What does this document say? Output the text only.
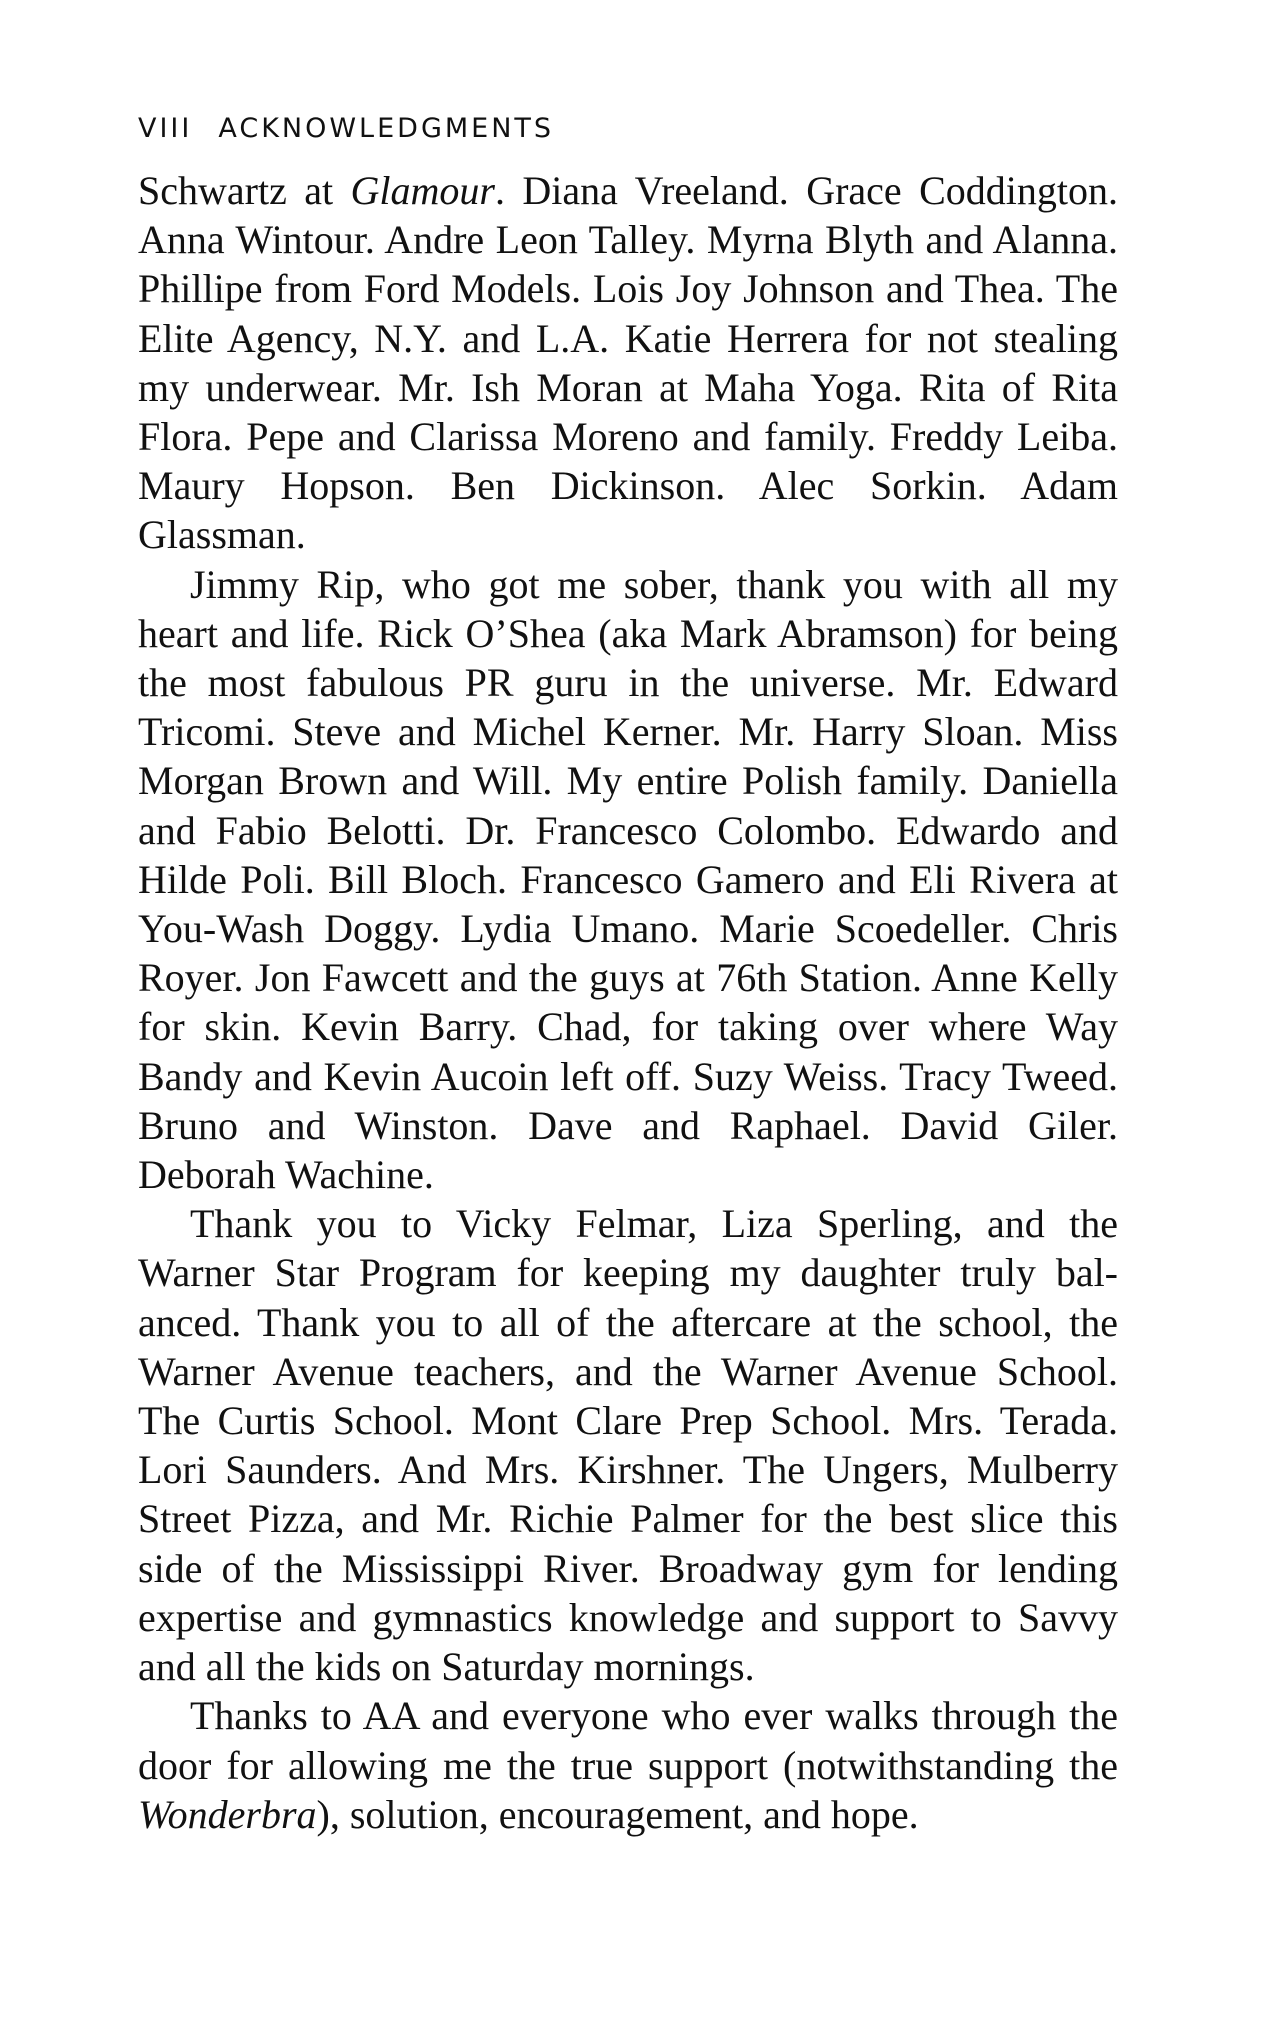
VIII ACKNOWLEDGMENTS

Schwartz at Glamour. Diana Vreeland. Grace Coddington. Anna Wintour. Andre Leon Talley. Myrna Blyth and Alanna. Phillipe from Ford Models. Lois Joy Johnson and Thea. The Elite Agency, N.Y. and L.A. Katie Herrera for not stealing my underwear. Mr. Ish Moran at Maha Yoga. Rita of Rita Flora. Pepe and Clarissa Moreno and family. Freddy Leiba. Maury Hopson. Ben Dickinson. Alec Sorkin. Adam Glassman.

Jimmy Rip, who got me sober, thank you with all my heart and life. Rick O’Shea (aka Mark Abramson) for being the most fabulous PR guru in the universe. Mr. Edward Tricomi. Steve and Michel Kerner. Mr. Harry Sloan. Miss Morgan Brown and Will. My entire Polish family. Daniella and Fabio Belotti. Dr. Francesco Colombo. Edwardo and Hilde Poli. Bill Bloch. Francesco Gamero and Eli Rivera at You-Wash Doggy. Lydia Umano. Marie Scoedeller. Chris Royer. Jon Fawcett and the guys at 76th Station. Anne Kelly for skin. Kevin Barry. Chad, for taking over where Way Bandy and Kevin Aucoin left off. Suzy Weiss. Tracy Tweed. Bruno and Winston. Dave and Raphael. David Giler. Deborah Wachine.

Thank you to Vicky Felmar, Liza Sperling, and the Warner Star Program for keeping my daughter truly bal-anced. Thank you to all of the aftercare at the school, the Warner Avenue teachers, and the Warner Avenue School. The Curtis School. Mont Clare Prep School. Mrs. Terada. Lori Saunders. And Mrs. Kirshner. The Ungers, Mulberry Street Pizza, and Mr. Richie Palmer for the best slice this side of the Mississippi River. Broadway gym for lending expertise and gymnastics knowledge and support to Savvy and all the kids on Saturday mornings.

Thanks to AA and everyone who ever walks through the door for allowing me the true support (notwithstanding the Wonderbra), solution, encouragement, and hope.
